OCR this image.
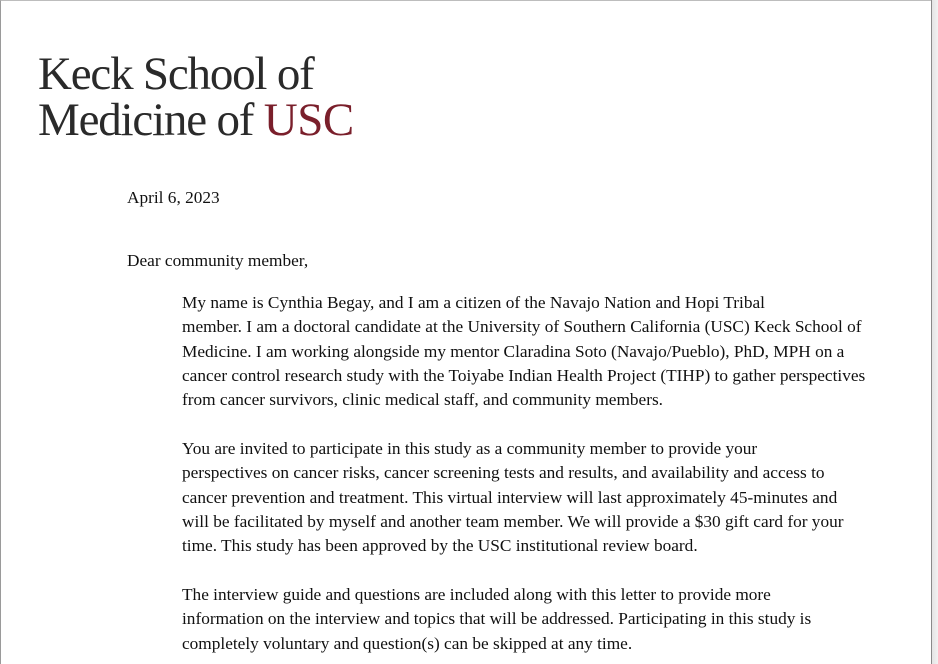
Keck School of
Medicine of USC

April 6, 2023

Dear community member,

My name is Cynthia Begay, and I am a citizen of the Navajo Nation and Hopi Tribal
member. I am a doctoral candidate at the University of Southern California (USC) Keck School of
Medicine. I am working alongside my mentor Claradina Soto (Navajo/Pueblo), PhD, MPH on a
cancer control research study with the Toiyabe Indian Health Project (TIHP) to gather perspectives
from cancer survivors, clinic medical staff, and community members.

You are invited to participate in this study as a community member to provide your
perspectives on cancer risks, cancer screening tests and results, and availability and access to
cancer prevention and treatment. This virtual interview will last approximately 45-minutes and
will be facilitated by myself and another team member. We will provide a $30 gift card for your
time. This study has been approved by the USC institutional review board.

The interview guide and questions are included along with this letter to provide more
information on the interview and topics that will be addressed. Participating in this study is
completely voluntary and question(s) can be skipped at any time.
